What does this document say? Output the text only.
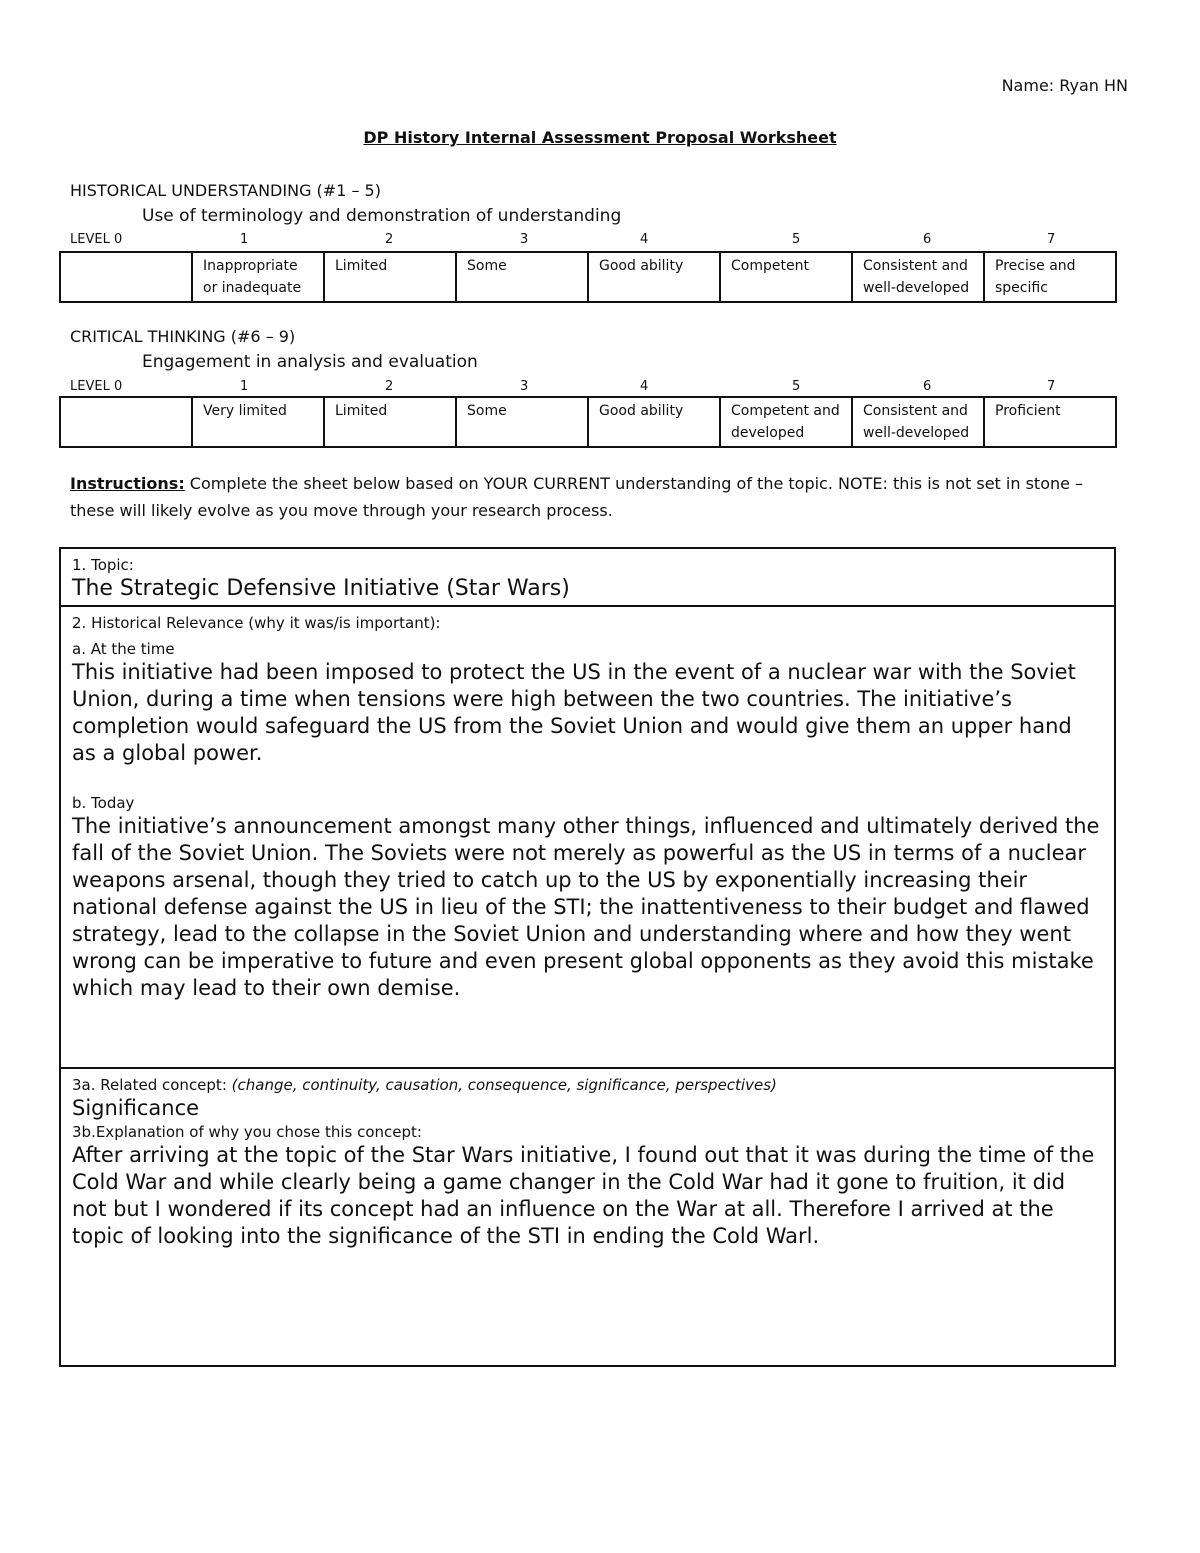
Name: Ryan HN
DP History Internal Assessment Proposal Worksheet
HISTORICAL UNDERSTANDING (#1 – 5)
Use of terminology and demonstration of understanding
LEVEL 0	1	2	3	4	5	6	7
	Inappropriate or inadequate	Limited	Some	Good ability	Competent	Consistent and well-developed	Precise and specific
CRITICAL THINKING (#6 – 9)
Engagement in analysis and evaluation
LEVEL 0	1	2	3	4	5	6	7
	Very limited	Limited	Some	Good ability	Competent and developed	Consistent and well-developed	Proficient
Instructions: Complete the sheet below based on YOUR CURRENT understanding of the topic. NOTE: this is not set in stone – these will likely evolve as you move through your research process.
1. Topic:
The Strategic Defensive Initiative (Star Wars)
2. Historical Relevance (why it was/is important):
a. At the time
This initiative had been imposed to protect the US in the event of a nuclear war with the Soviet Union, during a time when tensions were high between the two countries. The initiative’s completion would safeguard the US from the Soviet Union and would give them an upper hand as a global power.
b. Today
The initiative’s announcement amongst many other things, influenced and ultimately derived the fall of the Soviet Union. The Soviets were not merely as powerful as the US in terms of a nuclear weapons arsenal, though they tried to catch up to the US by exponentially increasing their national defense against the US in lieu of the STI; the inattentiveness to their budget and flawed strategy, lead to the collapse in the Soviet Union and understanding where and how they went wrong can be imperative to future and even present global opponents as they avoid this mistake which may lead to their own demise.
3a. Related concept: (change, continuity, causation, consequence, significance, perspectives)
Significance
3b.Explanation of why you chose this concept:
After arriving at the topic of the Star Wars initiative, I found out that it was during the time of the Cold War and while clearly being a game changer in the Cold War had it gone to fruition, it did not but I wondered if its concept had an influence on the War at all. Therefore I arrived at the topic of looking into the significance of the STI in ending the Cold Warl.
